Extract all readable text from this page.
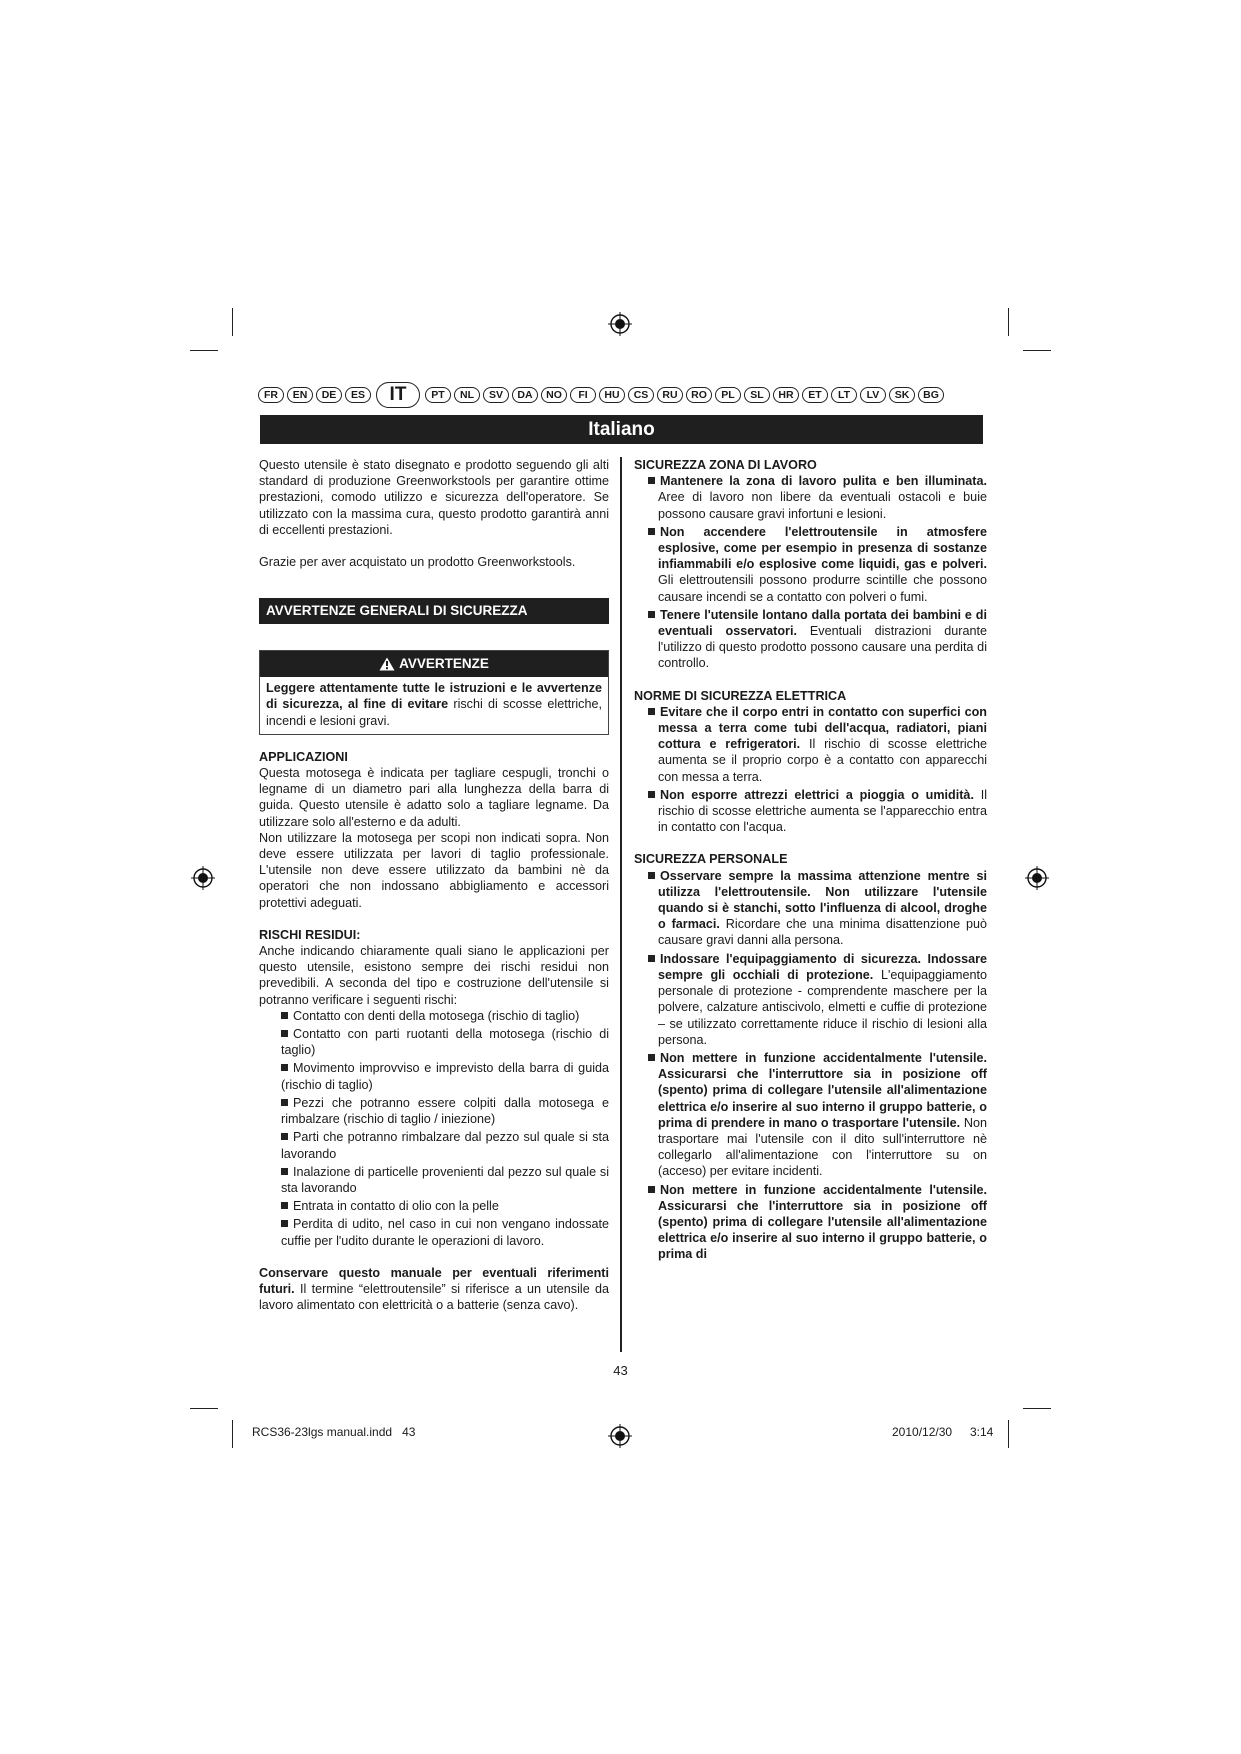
FR	EN	DE	ES	IT	PT	NL	SV	DA	NO	FI	HU	CS	RU	RO	PL	SL	HR	ET	LT	LV	SK	BG
Italiano

Questo utensile è stato disegnato e prodotto seguendo gli alti standard di produzione Greenworkstools per garantire ottime prestazioni, comodo utilizzo e sicurezza dell'operatore. Se utilizzato con la massima cura, questo prodotto garantirà anni di eccellenti prestazioni.

Grazie per aver acquistato un prodotto Greenworkstools.

AVVERTENZE GENERALI DI SICUREZZA
AVVERTENZE
Leggere attentamente tutte le istruzioni e le avvertenze di sicurezza, al fine di evitare rischi di scosse elettriche, incendi e lesioni gravi.

APPLICAZIONI

Questa motosega è indicata per tagliare cespugli, tronchi o legname di un diametro pari alla lunghezza della barra di guida. Questo utensile è adatto solo a tagliare legname. Da utilizzare solo all'esterno e da adulti.

Non utilizzare la motosega per scopi non indicati sopra. Non deve essere utilizzata per lavori di taglio professionale. L'utensile non deve essere utilizzato da bambini nè da operatori che non indossano abbigliamento e accessori protettivi adeguati.

RISCHI RESIDUI:

Anche indicando chiaramente quali siano le applicazioni per questo utensile, esistono sempre dei rischi residui non prevedibili. A seconda del tipo e costruzione dell'utensile si potranno verificare i seguenti rischi:

Contatto con denti della motosega (rischio di taglio)
Contatto con parti ruotanti della motosega (rischio di taglio)
Movimento improvviso e imprevisto della barra di guida (rischio di taglio)
Pezzi che potranno essere colpiti dalla motosega e rimbalzare (rischio di taglio / iniezione)
Parti che potranno rimbalzare dal pezzo sul quale si sta lavorando
Inalazione di particelle provenienti dal pezzo sul quale si sta lavorando
Entrata in contatto di olio con la pelle
Perdita di udito, nel caso in cui non vengano indossate cuffie per l'udito durante le operazioni di lavoro.

Conservare questo manuale per eventuali riferimenti futuri. Il termine “elettroutensile” si riferisce a un utensile da lavoro alimentato con elettricità o a batterie (senza cavo).

SICUREZZA ZONA DI LAVORO

Mantenere la zona di lavoro pulita e ben illuminata. Aree di lavoro non libere da eventuali ostacoli e buie possono causare gravi infortuni e lesioni.
Non accendere l'elettroutensile in atmosfere esplosive, come per esempio in presenza di sostanze infiammabili e/o esplosive come liquidi, gas e polveri. Gli elettroutensili possono produrre scintille che possono causare incendi se a contatto con polveri o fumi.
Tenere l'utensile lontano dalla portata dei bambini e di eventuali osservatori. Eventuali distrazioni durante l'utilizzo di questo prodotto possono causare una perdita di controllo.

NORME DI SICUREZZA ELETTRICA

Evitare che il corpo entri in contatto con superfici con messa a terra come tubi dell'acqua, radiatori, piani cottura e refrigeratori. Il rischio di scosse elettriche aumenta se il proprio corpo è a contatto con apparecchi con messa a terra.
Non esporre attrezzi elettrici a pioggia o umidità. Il rischio di scosse elettriche aumenta se l'apparecchio entra in contatto con l'acqua.

SICUREZZA PERSONALE

Osservare sempre la massima attenzione mentre si utilizza l'elettroutensile. Non utilizzare l'utensile quando si è stanchi, sotto l'influenza di alcool, droghe o farmaci. Ricordare che una minima disattenzione può causare gravi danni alla persona.
Indossare l'equipaggiamento di sicurezza. Indossare sempre gli occhiali di protezione. L'equipaggiamento personale di protezione - comprendente maschere per la polvere, calzature antiscivolo, elmetti e cuffie di protezione – se utilizzato correttamente riduce il rischio di lesioni alla persona.
Non mettere in funzione accidentalmente l'utensile. Assicurarsi che l'interruttore sia in posizione off (spento) prima di collegare l'utensile all'alimentazione elettrica e/o inserire al suo interno il gruppo batterie, o prima di prendere in mano o trasportare l'utensile. Non trasportare mai l'utensile con il dito sull'interruttore nè collegarlo all'alimentazione con l'interruttore su on (acceso) per evitare incidenti.
Non mettere in funzione accidentalmente l'utensile. Assicurarsi che l'interruttore sia in posizione off (spento) prima di collegare l'utensile all'alimentazione elettrica e/o inserire al suo interno il gruppo batterie, o prima di
43
RCS36-23lgs manual.indd   43	2010/12/30 3:14
